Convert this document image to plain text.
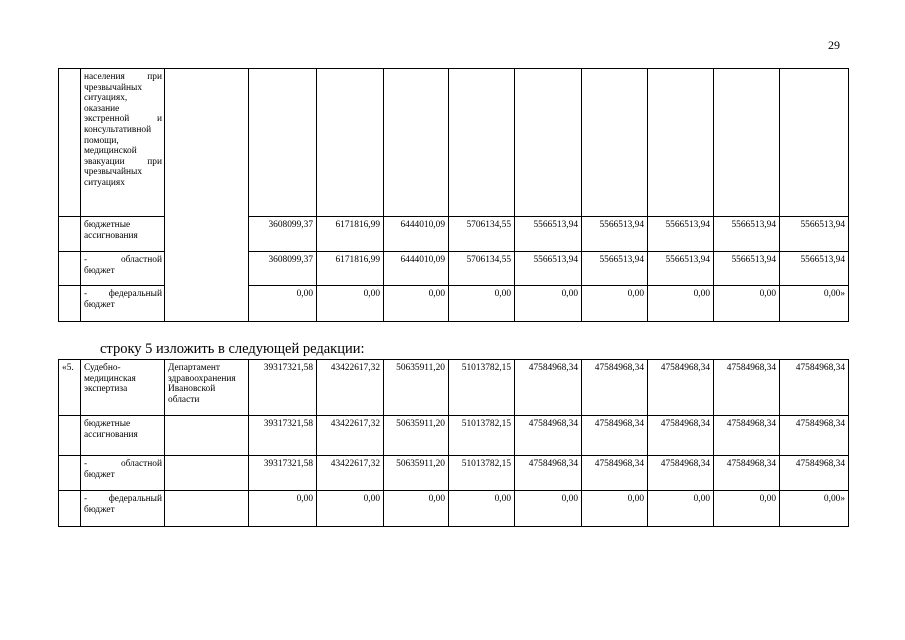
29
	населения при чрезвычайных ситуациях, оказание экстренной и консультативной помощи, медицинской эвакуации при чрезвычайных ситуациях										
	бюджетные ассигнования		3608099,37	6171816,99	6444010,09	5706134,55	5566513,94	5566513,94	5566513,94	5566513,94	5566513,94
	- областной бюджет		3608099,37	6171816,99	6444010,09	5706134,55	5566513,94	5566513,94	5566513,94	5566513,94	5566513,94
	- федеральный бюджет		0,00	0,00	0,00	0,00	0,00	0,00	0,00	0,00	0,00»
строку 5 изложить в следующей редакции:
«5.	Судебно-медицинская экспертиза	Департамент здравоохранения Ивановской области	39317321,58	43422617,32	50635911,20	51013782,15	47584968,34	47584968,34	47584968,34	47584968,34	47584968,34
	бюджетные ассигнования		39317321,58	43422617,32	50635911,20	51013782,15	47584968,34	47584968,34	47584968,34	47584968,34	47584968,34
	- областной бюджет		39317321,58	43422617,32	50635911,20	51013782,15	47584968,34	47584968,34	47584968,34	47584968,34	47584968,34
	- федеральный бюджет		0,00	0,00	0,00	0,00	0,00	0,00	0,00	0,00	0,00»
